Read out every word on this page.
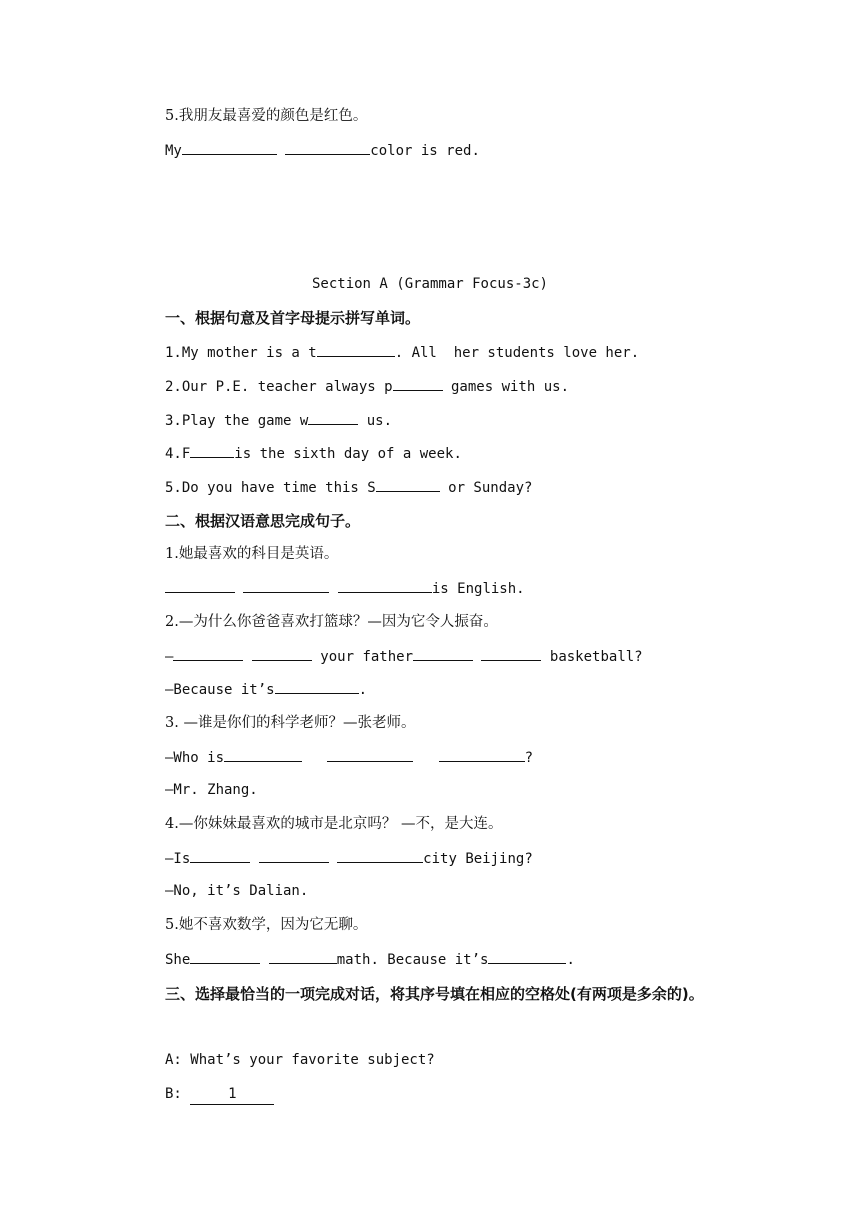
5.我朋友最喜爱的颜色是红色。
My	color is red.
Section A (Grammar Focus-3c)
一、根据句意及首字母提示拼写单词。
1.My mother is a t	. All  her students love her.
2.Our P.E. teacher always p	games with us.
3.Play the game w	us.
4.F	is the sixth day of a week.
5.Do you have time this S	or Sunday?
二、根据汉语意思完成句子。
1.她最喜欢的科目是英语。
is English.
2.—为什么你爸爸喜欢打篮球？—因为它令人振奋。
—	your father	basketball?
—Because it’s	.
3. —谁是你们的科学老师？—张老师。
—Who is	?
—Mr. Zhang.
4.—你妹妹最喜欢的城市是北京吗？ —不，是大连。
—Is	city Beijing?
—No, it’s Dalian.
5.她不喜欢数学，因为它无聊。
She	math. Because it’s	.
三、选择最恰当的一项完成对话，将其序号填在相应的空格处(有两项是多余的)。
A: What’s your favorite subject?
B:	1
